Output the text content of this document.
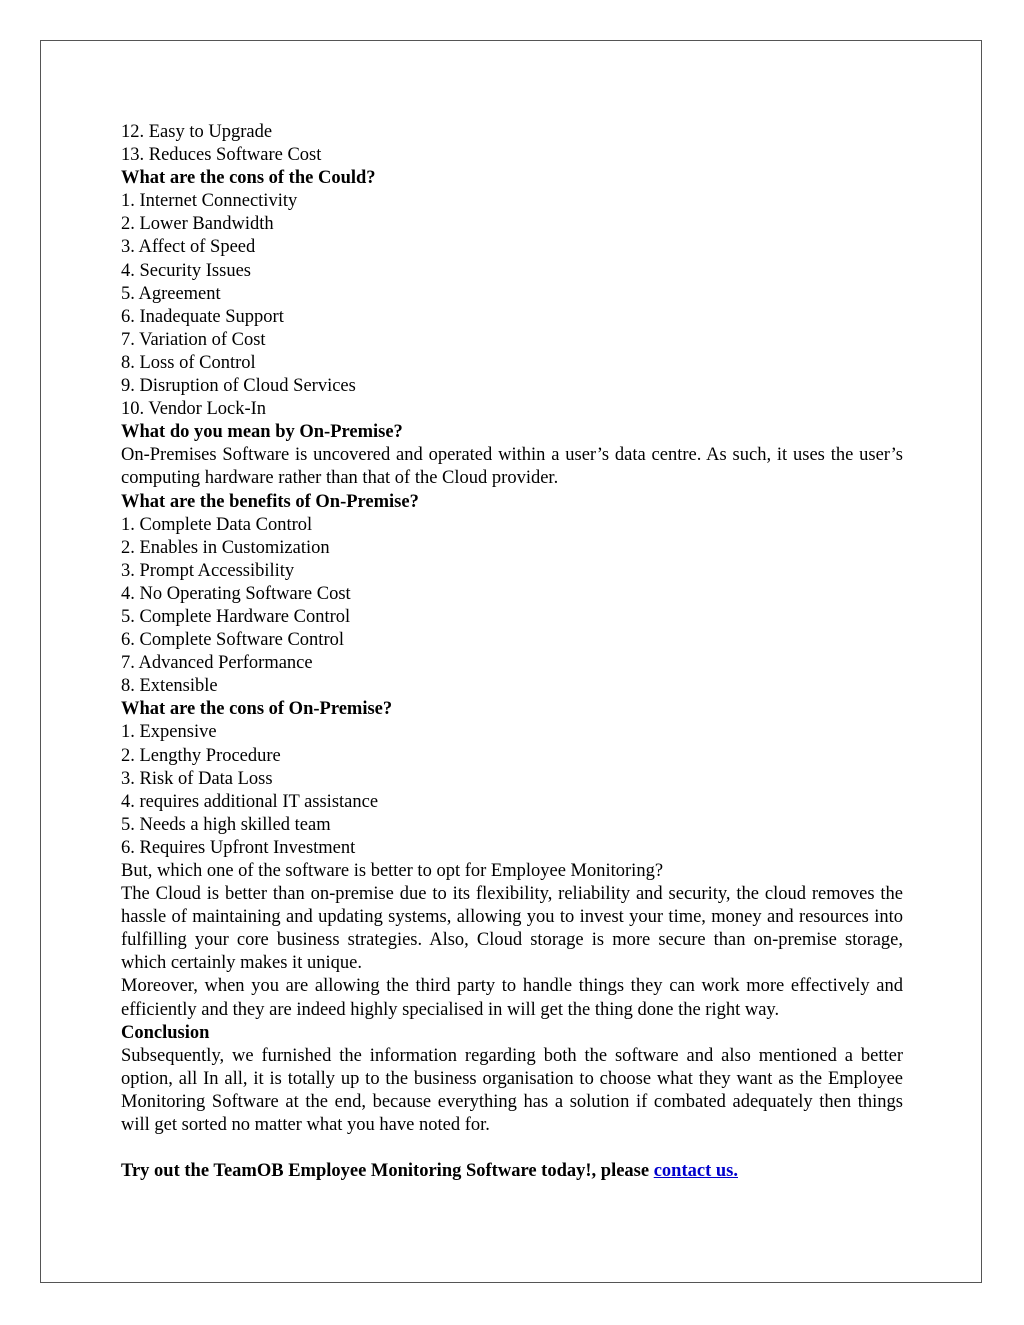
12. Easy to Upgrade

13. Reduces Software Cost

What are the cons of the Could?

1. Internet Connectivity

2. Lower Bandwidth

3. Affect of Speed

4. Security Issues

5. Agreement

6. Inadequate Support

7. Variation of Cost

8. Loss of Control

9. Disruption of Cloud Services

10. Vendor Lock-In

What do you mean by On-Premise?

On-Premises Software is uncovered and operated within a user’s data centre. As such, it uses the user’s computing hardware rather than that of the Cloud provider.

What are the benefits of On-Premise?

1. Complete Data Control

2. Enables in Customization

3. Prompt Accessibility

4. No Operating Software Cost

5. Complete Hardware Control

6. Complete Software Control

7. Advanced Performance

8. Extensible

What are the cons of On-Premise?

1. Expensive

2. Lengthy Procedure

3. Risk of Data Loss

4. requires additional IT assistance

5. Needs a high skilled team

6. Requires Upfront Investment

But, which one of the software is better to opt for Employee Monitoring?

The Cloud is better than on-premise due to its flexibility, reliability and security, the cloud removes the hassle of maintaining and updating systems, allowing you to invest your time, money and resources into fulfilling your core business strategies. Also, Cloud storage is more secure than on-premise storage, which certainly makes it unique.

Moreover, when you are allowing the third party to handle things they can work more effectively and efficiently and they are indeed highly specialised in will get the thing done the right way.

Conclusion

Subsequently, we furnished the information regarding both the software and also mentioned a better option, all In all, it is totally up to the business organisation to choose what they want as the Employee Monitoring Software at the end, because everything has a solution if combated adequately then things will get sorted no matter what you have noted for.

Try out the TeamOB Employee Monitoring Software today!, please contact us.
